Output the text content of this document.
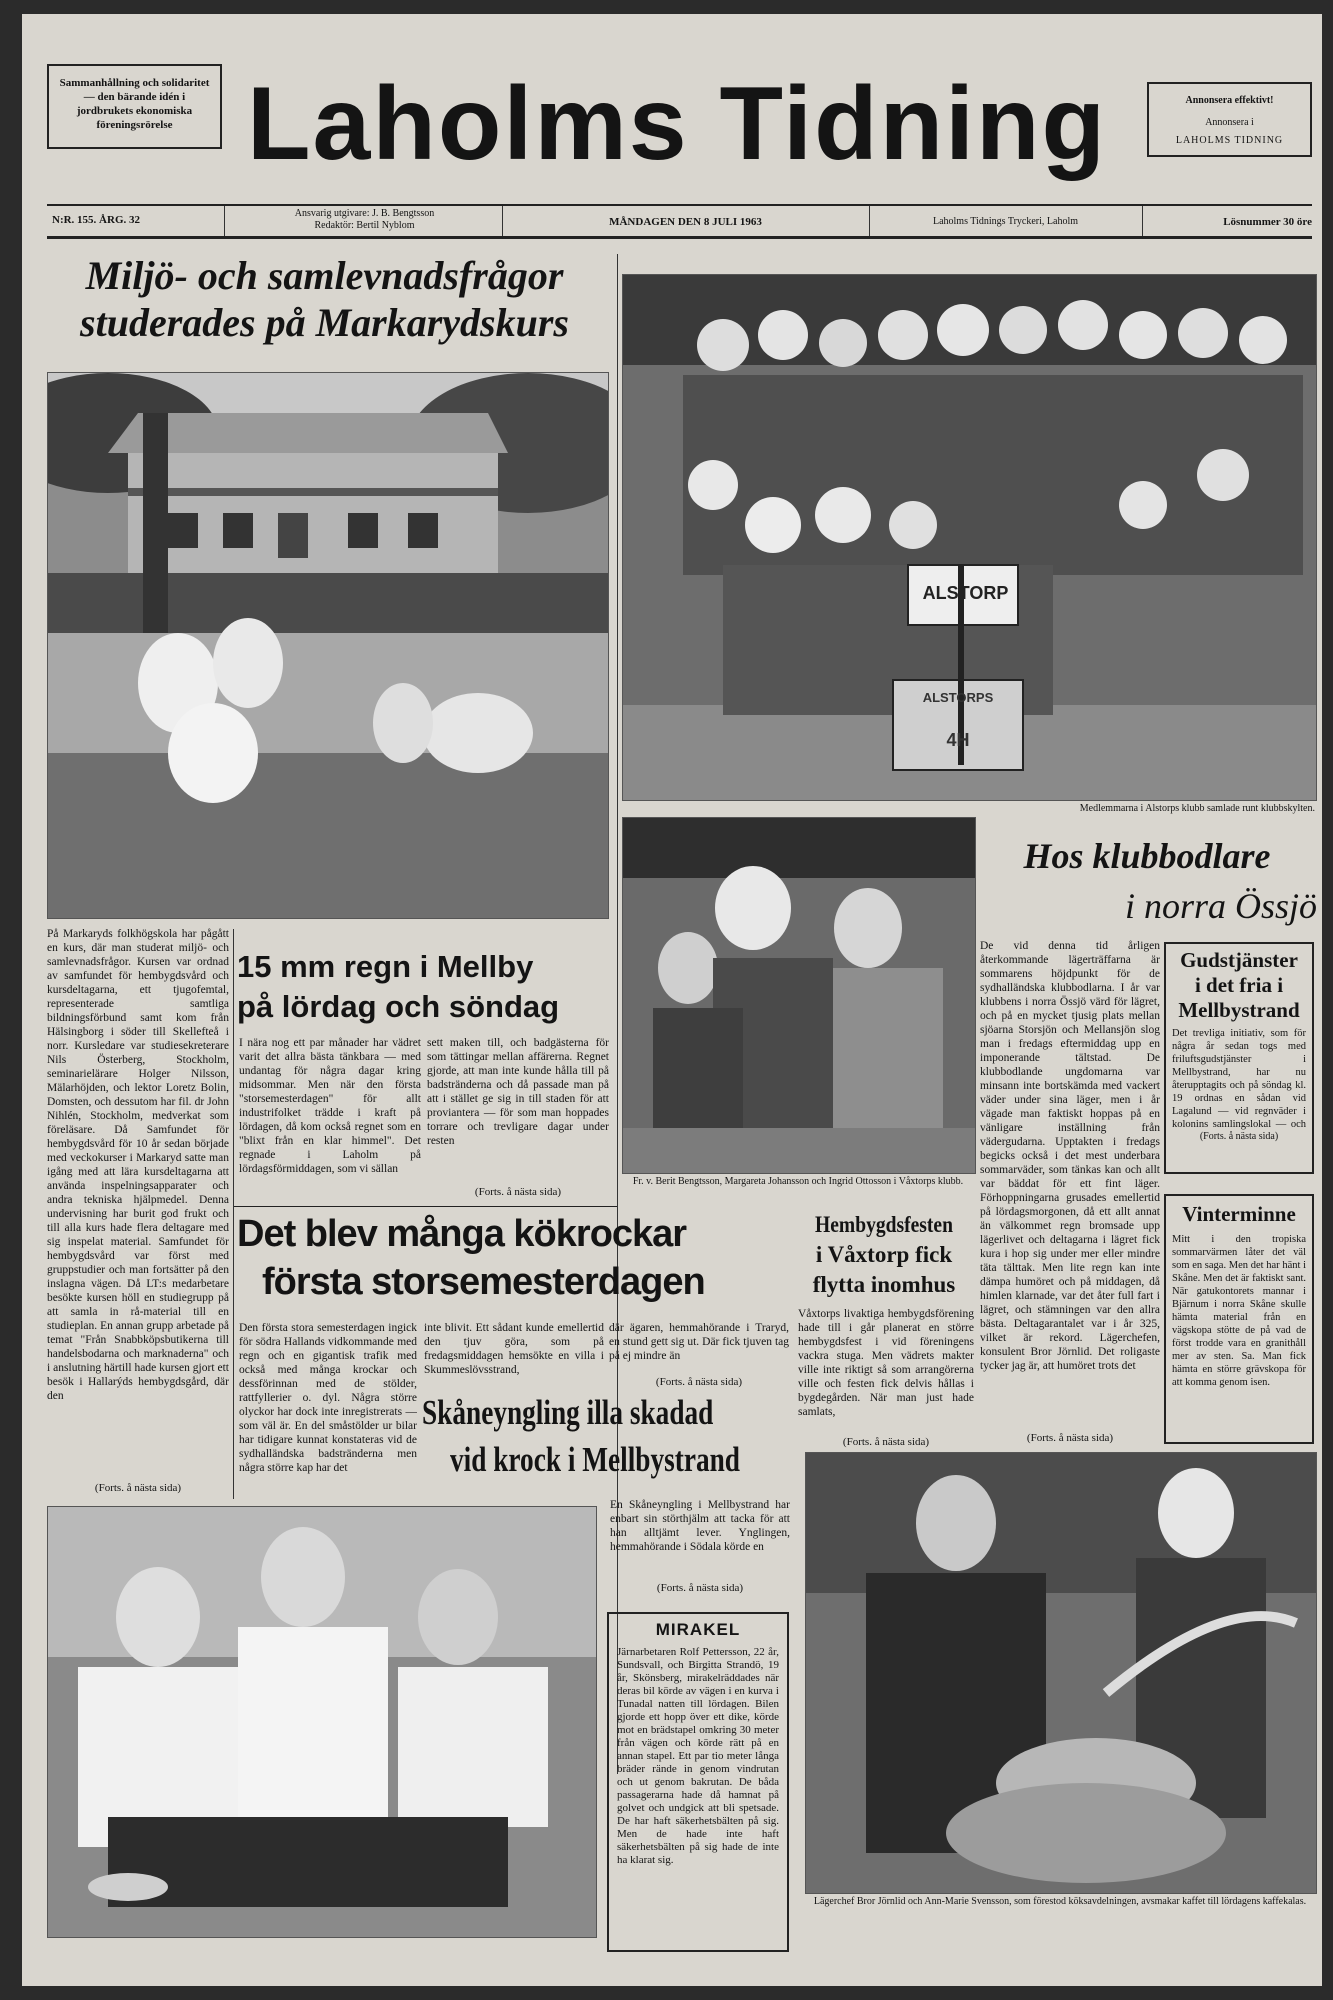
Sammanhållning och solidaritet — den bärande idén i jordbrukets ekonomiska föreningsrörelse Laholms Tidning	Annonsera effektivt!
Annonsera i
LAHOLMS TIDNING
N:R. 155. ÅRG. 32
Ansvarig utgivare: J. B. Bengtsson
Redaktör: Bertil Nyblom	MÅNDAGEN DEN 8 JULI 1963	Laholms Tidnings Tryckeri, Laholm	Lösnummer 30 öre
Miljö- och samlevnadsfrågor studerades på Markarydskurs
ALSTORP
ALSTORPS
4H
Medlemmarna i Alstorps klubb samlade runt klubbskylten.
På Markaryds folkhögskola har pågått en kurs, där man studerat miljö- och samlevnadsfrågor. Kursen var ordnad av samfundet för hembygdsvård och kursdeltagarna, ett tjugofemtal, representerade samtliga bildningsförbund samt kom från Hälsingborg i söder till Skellefteå i norr. Kursledare var studiesekreterare Nils Österberg, Stockholm, seminarielärare Holger Nilsson, Mälarhöjden, och lektor Loretz Bolin, Domsten, och dessutom har fil. dr John Nihlén, Stockholm, medverkat som föreläsare. Då Samfundet för hembygdsvård för 10 år sedan började med veckokurser i Markaryd satte man igång med att lära kursdeltagarna att använda inspelningsapparater och andra tekniska hjälpmedel. Denna undervisning har burit god frukt och till alla kurs hade flera deltagare med sig inspelat material. Samfundet för hembygdsvård var först med gruppstudier och man fortsätter på den inslagna vägen. Då LT:s medarbetare besökte kursen höll en studiegrupp på att samla in rå-material till en studieplan. En annan grupp arbetade på temat "Från Snabbköpsbutikerna till handelsbodarna och marknaderna" och i anslutning härtill hade kursen gjort ett besök i Hallarýds hembygdsgård, där den
(Forts. å nästa sida)
15 mm regn i Mellby
på lördag och söndag
I nära nog ett par månader har vädret varit det allra bästa tänkbara — med undantag för några dagar kring midsommar. Men när den första "storsemesterdagen" för allt industrifolket trädde i kraft på lördagen, då kom också regnet som en "blixt från en klar himmel". Det regnade i Laholm på lördagsförmiddagen, som vi sällan
sett maken till, och badgästerna för som tättingar mellan affärerna. Regnet gjorde, att man inte kunde hålla till på badstränderna och då passade man på att i stället ge sig in till staden för att proviantera — för som man hoppades torrare och trevligare dagar under resten
(Forts. å nästa sida)
Fr. v. Berit Bengtsson, Margareta Johansson och Ingrid Ottosson i Våxtorps klubb.
Hos klubbodlare
i norra Össjö
De vid denna tid årligen återkommande lägerträffarna är sommarens höjdpunkt för de sydhalländska klubbodlarna. I år var klubbens i norra Össjö värd för lägret, och på en mycket tjusig plats mellan sjöarna Storsjön och Mellansjön slog man i fredags eftermiddag upp en imponerande tältstad. De klubbodlande ungdomarna var minsann inte bortskämda med vackert väder under sina läger, men i år vägade man faktiskt hoppas på en vänligare inställning från vädergudarna. Upptakten i fredags begicks också i det mest underbara sommarväder, som tänkas kan och allt var bäddat för ett fint läger. Förhoppningarna grusades emellertid på lördagsmorgonen, då ett allt annat än välkommet regn bromsade upp lägerlivet och deltagarna i lägret fick kura i hop sig under mer eller mindre täta tälttak. Men lite regn kan inte dämpa humöret och på middagen, då himlen klarnade, var det åter full fart i lägret, och stämningen var den allra bästa. Deltagarantalet var i år 325, vilket är rekord. Lägerchefen, konsulent Bror Jörnlid. Det roligaste tycker jag är, att humöret trots det
(Forts. å nästa sida)
Gudstjänster
i det fria i
Mellbystrand
Det trevliga initiativ, som för några år sedan togs med friluftsgudstjänster i Mellbystrand, har nu återupptagits och på söndag kl. 19 ordnas en sådan vid Lagalund — vid regnväder i kolonins samlingslokal — och
(Forts. å nästa sida)
Vinterminne
Mitt i den tropiska sommarvärmen låter det väl som en saga. Men det har hänt i Skåne. Men det är faktiskt sant. När gatukontorets mannar i Bjärnum i norra Skåne skulle hämta material från en vägskopa stötte de på vad de först trodde vara en granithåll mer av sten. Sa. Man fick hämta en större grävskopa för att komma genom isen.
Det blev många kökrockar
första storsemesterdagen
Den första stora semesterdagen ingick för södra Hallands vidkommande med regn och en gigantisk trafik med också med många krockar och dessförinnan med de stölder, rattfyllerier o. dyl. Några större olyckor har dock inte inregistrerats — som väl är. En del småstölder ur bilar har tidigare kunnat konstateras vid de sydhalländska badstränderna men några större kap har det
inte blivit. Ett sådant kunde emellertid den tjuv göra, som på fredagsmiddagen hemsökte en villa i Skummeslövsstrand,
där ägaren, hemmahörande i Traryd, en stund gett sig ut. Där fick tjuven tag på ej mindre än
(Forts. å nästa sida)
Skåneyngling illa skadad
vid krock i Mellbystrand
En Skåneyngling i Mellbystrand har enbart sin störthjälm att tacka för att han alltjämt lever. Ynglingen, hemmahörande i Södala körde en
(Forts. å nästa sida)
Hembygdsfesten
i Våxtorp fick
flytta inomhus
Våxtorps livaktiga hembygdsförening hade till i går planerat en större hembygdsfest i vid föreningens vackra stuga. Men vädrets makter ville inte riktigt så som arrangörerna ville och festen fick delvis hållas i bygdegården. När man just hade samlats,
(Forts. å nästa sida)
MIRAKEL
Järnarbetaren Rolf Pettersson, 22 år, Sundsvall, och Birgitta Strandö, 19 år, Skönsberg, mirakelräddades när deras bil körde av vägen i en kurva i Tunadal natten till lördagen. Bilen gjorde ett hopp över ett dike, körde mot en brädstapel omkring 30 meter från vägen och körde rätt på en annan stapel. Ett par tio meter långa bräder rände in genom vindrutan och ut genom bakrutan. De båda passagerarna hade då hamnat på golvet och undgick att bli spetsade. De har haft säkerhetsbälten på sig. Men de hade inte haft säkerhetsbälten på sig hade de inte ha klarat sig.
Lägerchef Bror Jörnlid och Ann-Marie Svensson, som förestod köksavdelningen, avsmakar kaffet till lördagens kaffekalas.
